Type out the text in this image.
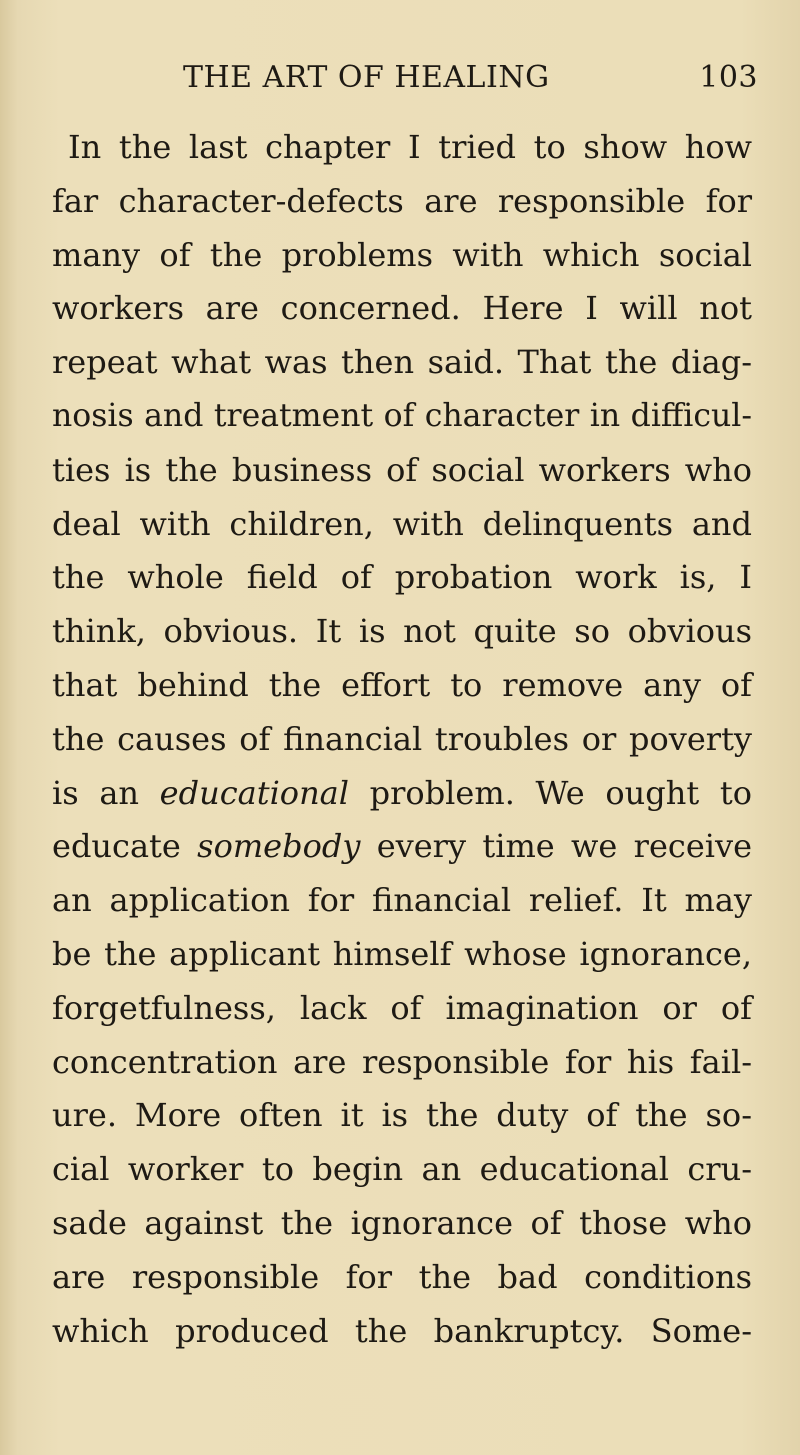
THE ART OF HEALING	103
In the last chapter I tried to show how
far character-defects are responsible for
many of the problems with which social
workers are concerned. Here I will not
repeat what was then said. That the diag-
nosis and treatment of character in difficul-
ties is the business of social workers who
deal with children, with delinquents and
the whole field of probation work is, I
think, obvious. It is not quite so obvious
that behind the effort to remove any of
the causes of financial troubles or poverty
is an educational problem. We ought to
educate somebody every time we receive
an application for financial relief. It may
be the applicant himself whose ignorance,
forgetfulness, lack of imagination or of
concentration are responsible for his fail-
ure. More often it is the duty of the so-
cial worker to begin an educational cru-
sade against the ignorance of those who
are responsible for the bad conditions
which produced the bankruptcy. Some-
